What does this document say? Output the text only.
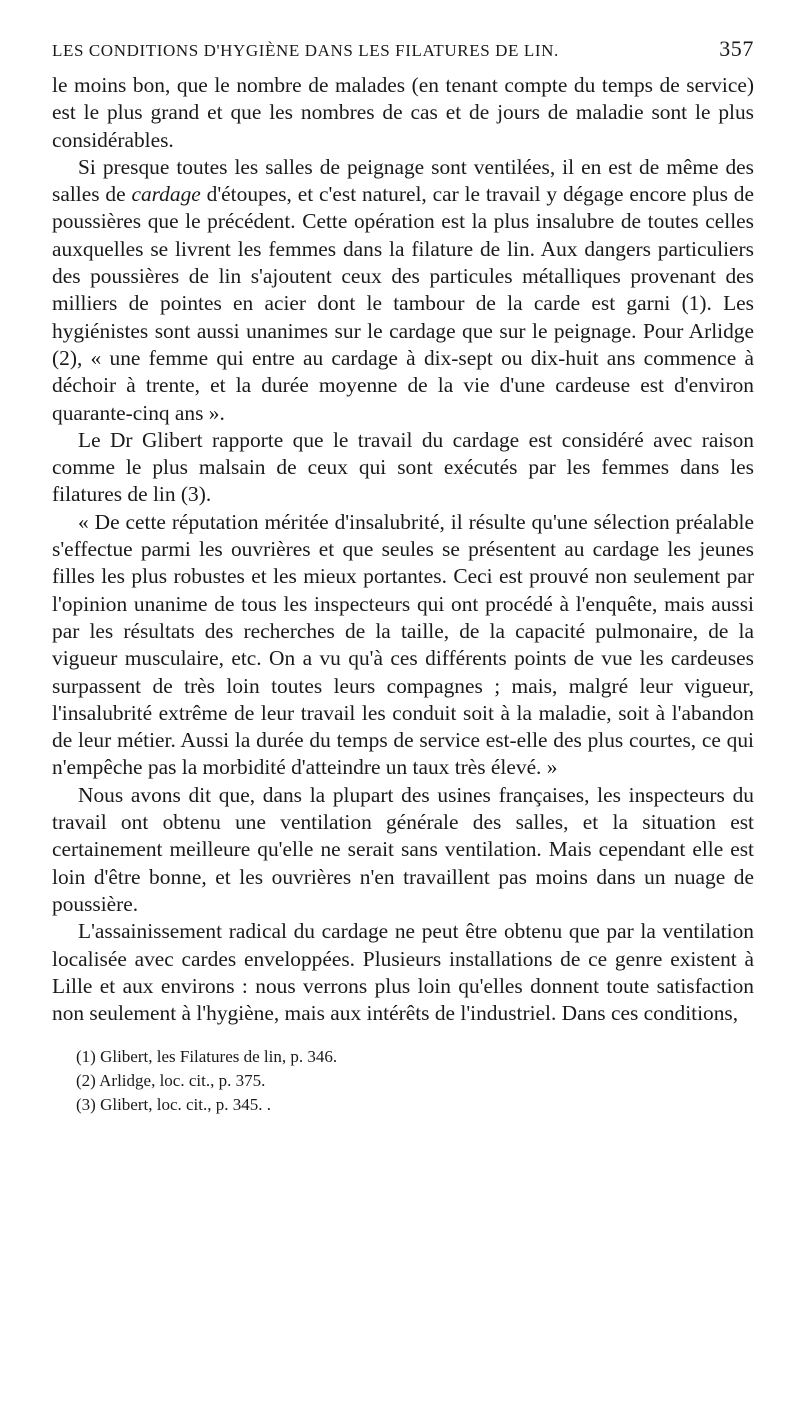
LES CONDITIONS D'HYGIÈNE DANS LES FILATURES DE LIN.	357

le moins bon, que le nombre de malades (en tenant compte du temps de service) est le plus grand et que les nombres de cas et de jours de maladie sont le plus considérables.

Si presque toutes les salles de peignage sont ventilées, il en est de même des salles de cardage d'étoupes, et c'est naturel, car le travail y dégage encore plus de poussières que le précédent. Cette opération est la plus insalubre de toutes celles auxquelles se livrent les femmes dans la filature de lin. Aux dangers particuliers des poussières de lin s'ajoutent ceux des particules métalliques provenant des milliers de pointes en acier dont le tambour de la carde est garni (1). Les hygiénistes sont aussi unanimes sur le cardage que sur le peignage. Pour Arlidge (2), « une femme qui entre au cardage à dix-sept ou dix-huit ans commence à déchoir à trente, et la durée moyenne de la vie d'une cardeuse est d'environ quarante-cinq ans ».

Le Dr Glibert rapporte que le travail du cardage est considéré avec raison comme le plus malsain de ceux qui sont exécutés par les femmes dans les filatures de lin (3).

« De cette réputation méritée d'insalubrité, il résulte qu'une sélection préalable s'effectue parmi les ouvrières et que seules se présentent au cardage les jeunes filles les plus robustes et les mieux portantes. Ceci est prouvé non seulement par l'opinion unanime de tous les inspecteurs qui ont procédé à l'enquête, mais aussi par les résultats des recherches de la taille, de la capacité pulmonaire, de la vigueur musculaire, etc. On a vu qu'à ces différents points de vue les cardeuses surpassent de très loin toutes leurs compagnes ; mais, malgré leur vigueur, l'insalubrité extrême de leur travail les conduit soit à la maladie, soit à l'abandon de leur métier. Aussi la durée du temps de service est-elle des plus courtes, ce qui n'empêche pas la morbidité d'atteindre un taux très élevé. »

Nous avons dit que, dans la plupart des usines françaises, les inspecteurs du travail ont obtenu une ventilation générale des salles, et la situation est certainement meilleure qu'elle ne serait sans ventilation. Mais cependant elle est loin d'être bonne, et les ouvrières n'en travaillent pas moins dans un nuage de poussière.

L'assainissement radical du cardage ne peut être obtenu que par la ventilation localisée avec cardes enveloppées. Plusieurs installations de ce genre existent à Lille et aux environs : nous verrons plus loin qu'elles donnent toute satisfaction non seulement à l'hygiène, mais aux intérêts de l'industriel. Dans ces conditions,

(1) Glibert, les Filatures de lin, p. 346.
(2) Arlidge, loc. cit., p. 375.
(3) Glibert, loc. cit., p. 345. .
